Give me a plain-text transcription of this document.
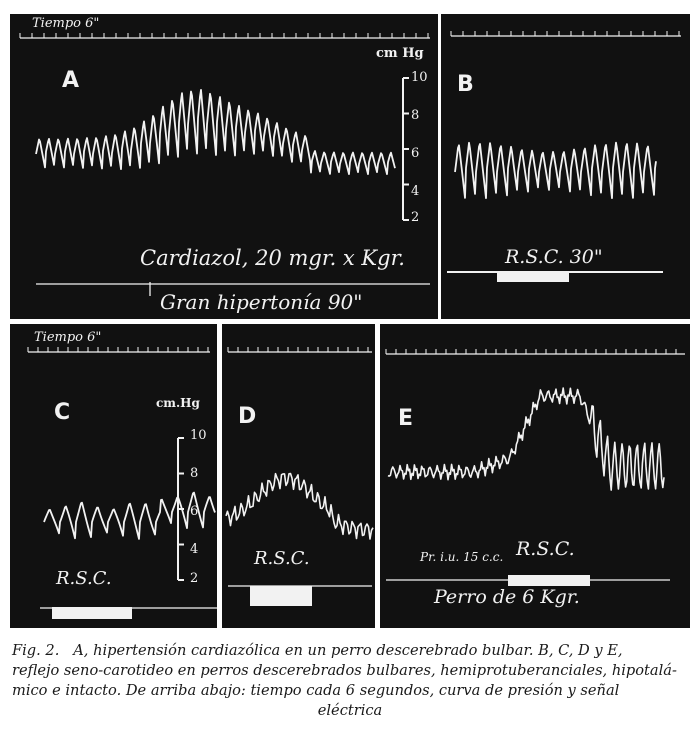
Tiempo 6"
A
cm Hg
10
8
6
4
2
Cardiazol, 20 mgr. x Kgr.
Gran hipertonía 90"
B
R.S.C. 30"
Tiempo 6"
C	cm.Hg
10
8
6
4
2
R.S.C.
D
R.S.C.
E
Pr. i.u. 15 c.c. R.S.C.
Perro de 6 Kgr.
Fig. 2. A, hipertensión cardiazólica en un perro descerebrado bulbar. B, C, D y E,
reflejo seno-carotideo en perros descerebrados bulbares, hemiprotuberanciales, hipotalá-
mico e intacto. De arriba abajo: tiempo cada 6 segundos, curva de presión y señal
eléctrica
